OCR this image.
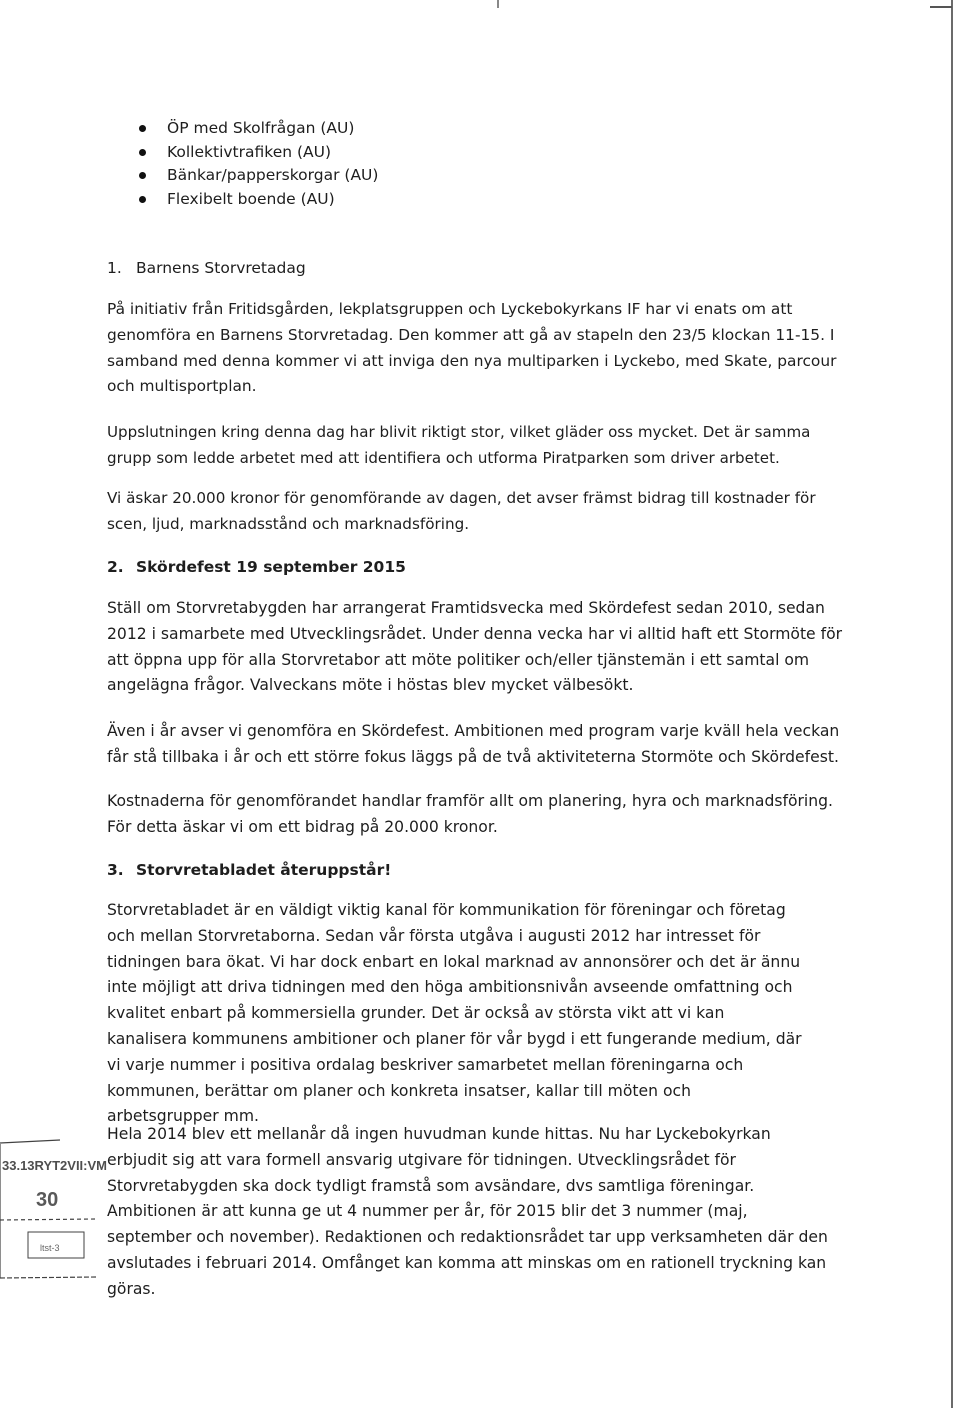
ÖP med Skolfrågan (AU)
Kollektivtrafiken (AU)
Bänkar/papperskorgar (AU)
Flexibelt boende (AU)
1. Barnens Storvretadag

På initiativ från Fritidsgården, lekplatsgruppen och Lyckebokyrkans IF har vi enats om att genomföra en Barnens Storvretadag. Den kommer att gå av stapeln den 23/5 klockan 11-15. I samband med denna kommer vi att inviga den nya multiparken i Lyckebo, med Skate, parcour och multisportplan.

Uppslutningen kring denna dag har blivit riktigt stor, vilket gläder oss mycket. Det är samma grupp som ledde arbetet med att identifiera och utforma Piratparken som driver arbetet.

Vi äskar 20.000 kronor för genomförande av dagen, det avser främst bidrag till kostnader för scen, ljud, marknadsstånd och marknadsföring.

2. Skördefest 19 september 2015

Ställ om Storvretabygden har arrangerat Framtidsvecka med Skördefest sedan 2010, sedan 2012 i samarbete med Utvecklingsrådet. Under denna vecka har vi alltid haft ett Stormöte för att öppna upp för alla Storvretabor att möte politiker och/eller tjänstemän i ett samtal om angelägna frågor. Valveckans möte i höstas blev mycket välbesökt.

Även i år avser vi genomföra en Skördefest. Ambitionen med program varje kväll hela veckan får stå tillbaka i år och ett större fokus läggs på de två aktiviteterna Stormöte och Skördefest.

Kostnaderna för genomförandet handlar framför allt om planering, hyra och marknadsföring. För detta äskar vi om ett bidrag på 20.000 kronor.

3. Storvretabladet återuppstår!

Storvretabladet är en väldigt viktig kanal för kommunikation för föreningar och företag och mellan Storvretaborna. Sedan vår första utgåva i augusti 2012 har intresset för tidningen bara ökat. Vi har dock enbart en lokal marknad av annonsörer och det är ännu inte möjligt att driva tidningen med den höga ambitionsnivån avseende omfattning och kvalitet enbart på kommersiella grunder. Det är också av största vikt att vi kan kanalisera kommunens ambitioner och planer för vår bygd i ett fungerande medium, där vi varje nummer i positiva ordalag beskriver samarbetet mellan föreningarna och kommunen, berättar om planer och konkreta insatser, kallar till möten och arbetsgrupper mm.

Hela 2014 blev ett mellanår då ingen huvudman kunde hittas. Nu har Lyckebokyrkan erbjudit sig att vara formell ansvarig utgivare för tidningen. Utvecklingsrådet för Storvretabygden ska dock tydligt framstå som avsändare, dvs samtliga föreningar. Ambitionen är att kunna ge ut 4 nummer per år, för 2015 blir det 3 nummer (maj, september och november). Redaktionen och redaktionsrådet tar upp verksamheten där den avslutades i februari 2014. Omfånget kan komma att minskas om en rationell tryckning kan göras.

33.13RYT2VII:VM
30
ltst-3
